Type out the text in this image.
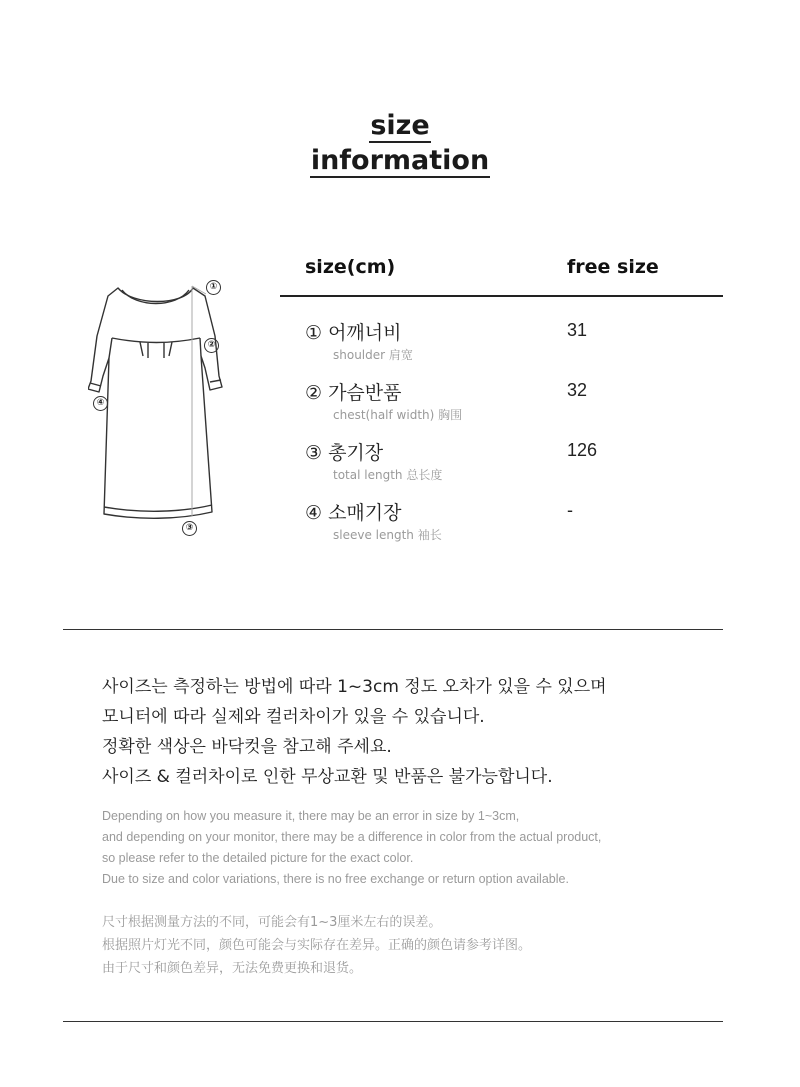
size
information
①
②
③
④
size(cm)	free size
① 어깨너비
shoulder 肩宽
31
② 가슴반품
chest(half width) 胸围
32
③ 총기장
total length 总长度
126
④ 소매기장
sleeve length 袖长
-
사이즈는 측정하는 방법에 따라 1~3cm 정도 오차가 있을 수 있으며
모니터에 따라 실제와 컬러차이가 있을 수 있습니다.
정확한 색상은 바닥컷을 참고해 주세요.
사이즈 & 컬러차이로 인한 무상교환 및 반품은 불가능합니다.
Depending on how you measure it, there may be an error in size by 1~3cm,
and depending on your monitor, there may be a difference in color from the actual product,
so please refer to the detailed picture for the exact color.
Due to size and color variations, there is no free exchange or return option available.
尺寸根据测量方法的不同，可能会有1~3厘米左右的误差。
根据照片灯光不同，颜色可能会与实际存在差异。正确的颜色请参考详图。
由于尺寸和颜色差异，无法免费更换和退货。
